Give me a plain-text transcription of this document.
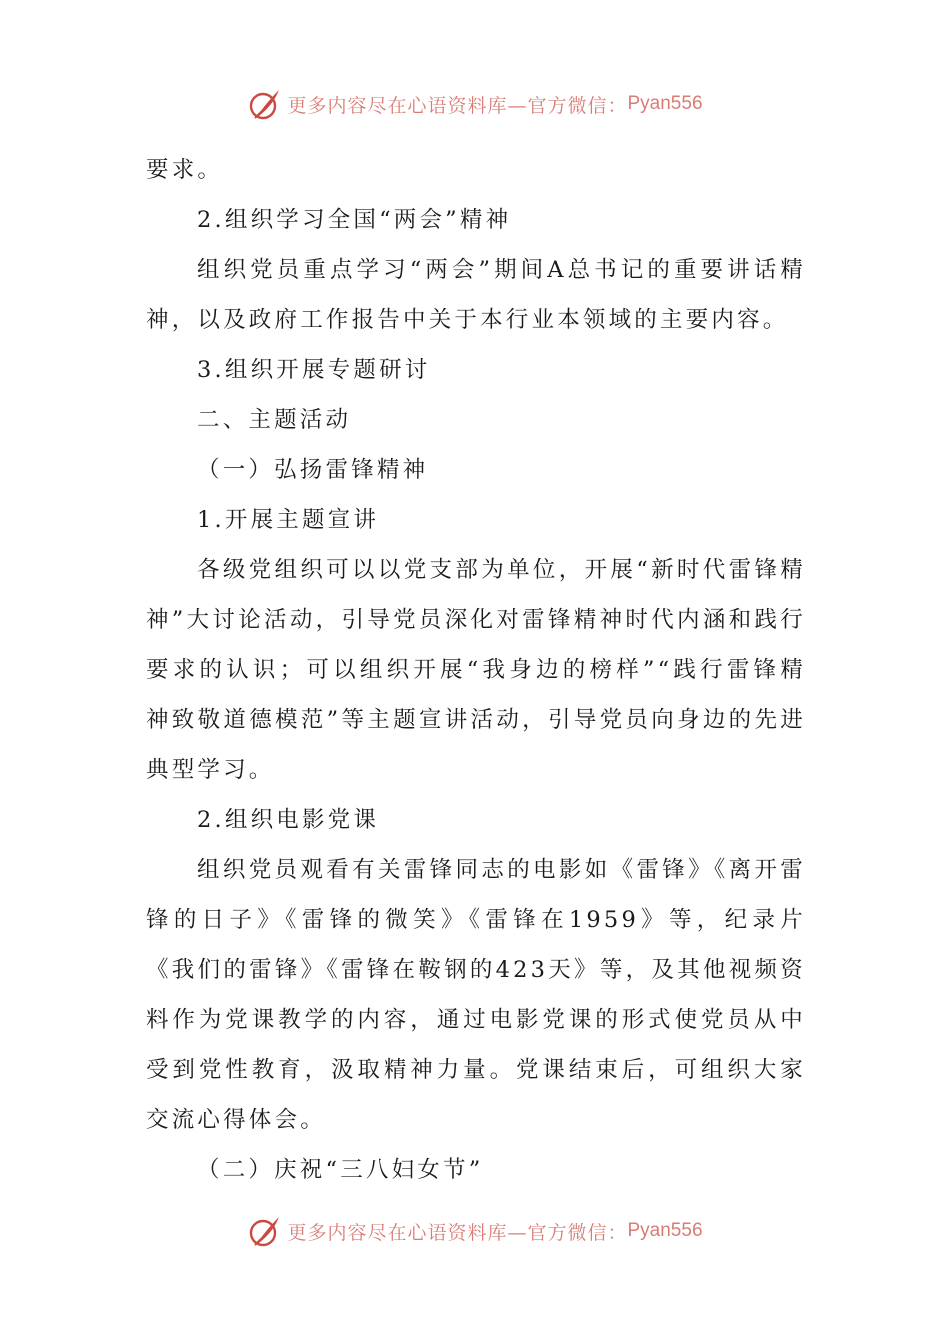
更多内容尽在心语资料库—官方微信： Pyan556

要求。

2.组织学习全国“两会”精神

组织党员重点学习“两会”期间A总书记的重要讲话精神，以及政府工作报告中关于本行业本领域的主要内容。

3.组织开展专题研讨

二、主题活动

（一）弘扬雷锋精神

1.开展主题宣讲

各级党组织可以以党支部为单位，开展“新时代雷锋精神”大讨论活动，引导党员深化对雷锋精神时代内涵和践行要求的认识；可以组织开展“我身边的榜样”“践行雷锋精神致敬道德模范”等主题宣讲活动，引导党员向身边的先进典型学习。

2.组织电影党课

组织党员观看有关雷锋同志的电影如《雷锋》《离开雷锋的日子》《雷锋的微笑》《雷锋在1959》等，纪录片《我们的雷锋》《雷锋在鞍钢的423天》等，及其他视频资料作为党课教学的内容，通过电影党课的形式使党员从中受到党性教育，汲取精神力量。党课结束后，可组织大家交流心得体会。

（二）庆祝“三八妇女节”

更多内容尽在心语资料库—官方微信： Pyan556
